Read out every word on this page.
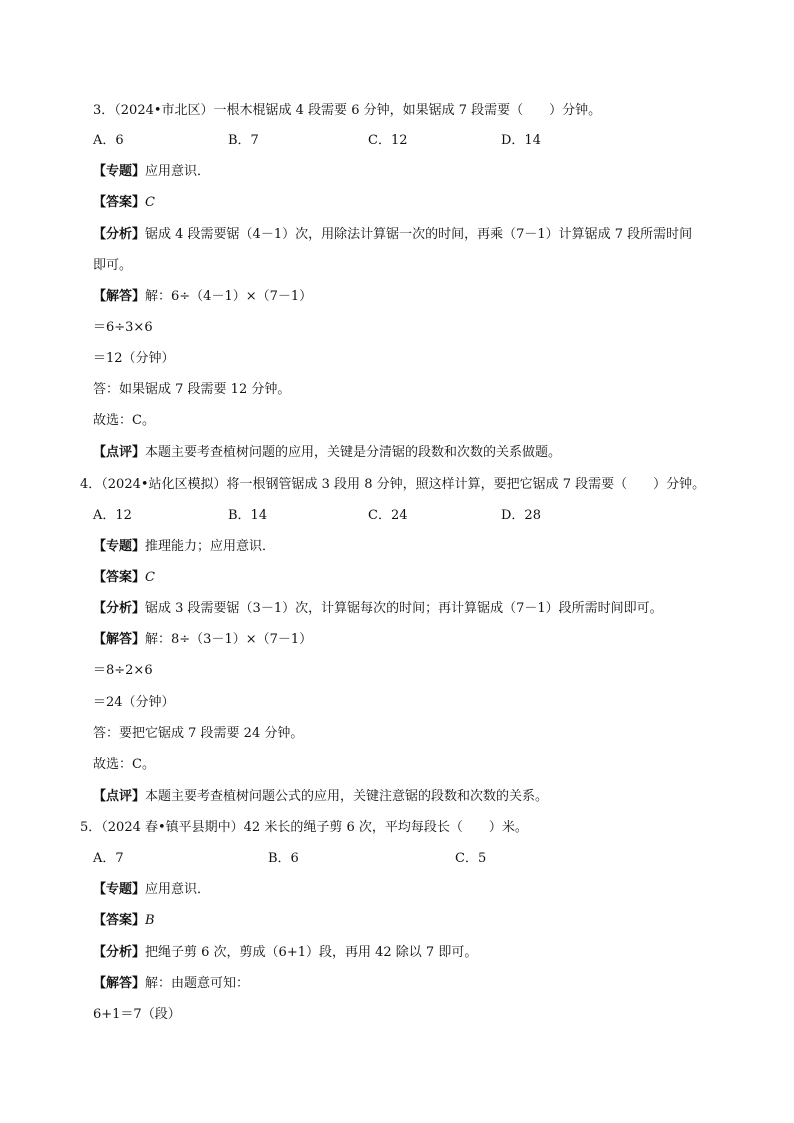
3．（2024•市北区）一根木棍锯成 4 段需要 6 分钟，如果锯成 7 段需要（　　）分钟。
A．6	B．7	C．12	D．14
【专题】应用意识．
【答案】C
【分析】锯成 4 段需要锯（4－1）次，用除法计算锯一次的时间，再乘（7－1）计算锯成 7 段所需时间
即可。
【解答】解：6÷（4－1）×（7－1）
＝6÷3×6
＝12（分钟）
答：如果锯成 7 段需要 12 分钟。
故选：C。
【点评】本题主要考查植树问题的应用，关键是分清锯的段数和次数的关系做题。
4．（2024•站化区模拟）将一根钢管锯成 3 段用 8 分钟，照这样计算，要把它锯成 7 段需要（　　）分钟。
A．12	B．14	C．24	D．28
【专题】推理能力；应用意识．
【答案】C
【分析】锯成 3 段需要锯（3－1）次，计算锯每次的时间；再计算锯成（7－1）段所需时间即可。
【解答】解：8÷（3－1）×（7－1）
＝8÷2×6
＝24（分钟）
答：要把它锯成 7 段需要 24 分钟。
故选：C。
【点评】本题主要考查植树问题公式的应用，关键注意锯的段数和次数的关系。
5．（2024 春•镇平县期中）42 米长的绳子剪 6 次，平均每段长（　　）米。
A．7	B．6	C．5
【专题】应用意识．
【答案】B
【分析】把绳子剪 6 次，剪成（6+1）段，再用 42 除以 7 即可。
【解答】解：由题意可知：
6+1＝7（段）
